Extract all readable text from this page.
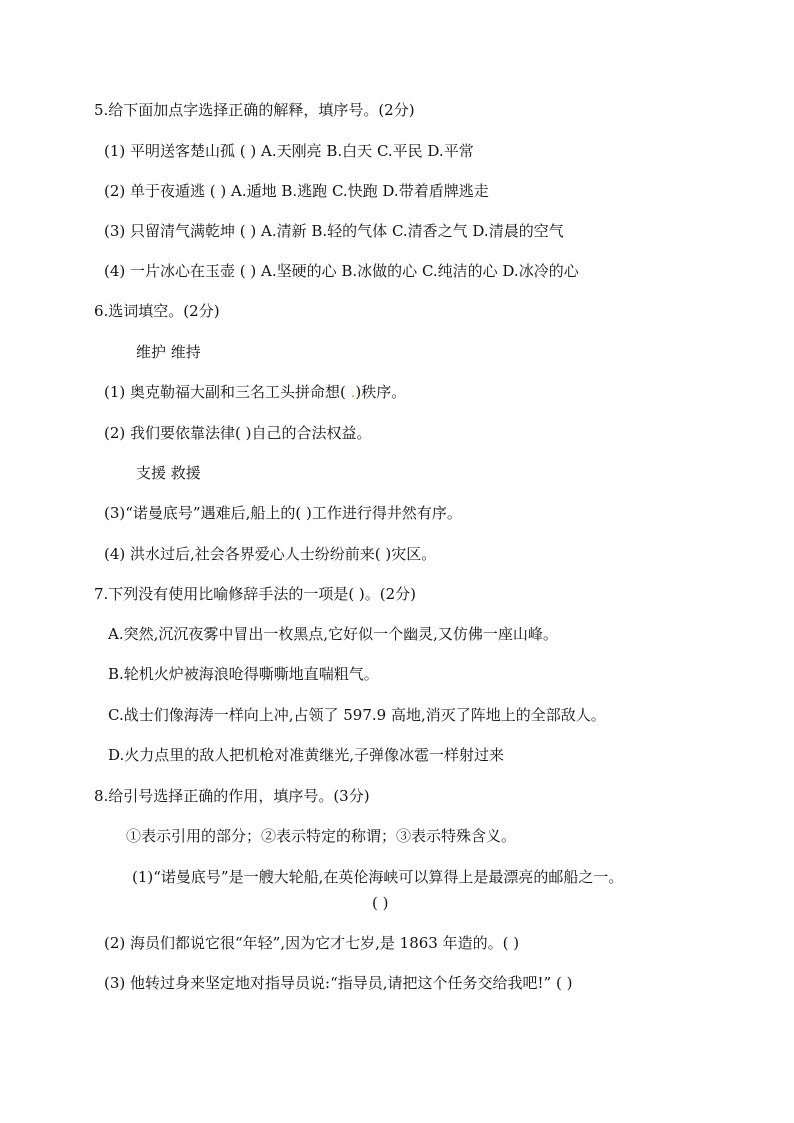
5.给下面加点字选择正确的解释，填序号。(2分)
(1) 平明送客楚山孤 ( ) A.天刚亮 B.白天 C.平民 D.平常
(2) 单于夜遁逃 ( ) A.遁地 B.逃跑 C.快跑 D.带着盾牌逃走
(3) 只留清气满乾坤 ( ) A.清新 B.轻的气体 C.清香之气 D.清晨的空气
(4) 一片冰心在玉壶 ( ) A.坚硬的心 B.冰做的心 C.纯洁的心 D.冰冷的心
6.选词填空。(2分)
维护 维持
(1) 奥克勒福大副和三名工头拼命想( .)秩序。
(2) 我们要依靠法律( )自己的合法权益。
支援 救援
(3)“诺曼底号”遇难后,船上的( )工作进行得井然有序。
(4) 洪水过后,社会各界爱心人士纷纷前来( )灾区。
7.下列没有使用比喻修辞手法的一项是( )。(2分)
A.突然,沉沉夜雾中冒出一枚黑点,它好似一个幽灵,又仿佛一座山峰。
B.轮机火炉被海浪呛得嘶嘶地直喘粗气。
C.战士们像海涛一样向上冲,占领了 597.9 高地,消灭了阵地上的全部敌人。
D.火力点里的敌人把机枪对准黄继光,子弹像冰雹一样射过来
8.给引号选择正确的作用，填序号。(3分)
①表示引用的部分；②表示特定的称谓；③表示特殊含义。
(1)“诺曼底号”是一艘大轮船,在英伦海峡可以算得上是最漂亮的邮船之一。
( )
(2) 海员们都说它很“年轻”,因为它才七岁,是 1863 年造的。( )
(3) 他转过身来坚定地对指导员说:“指导员,请把这个任务交给我吧!” ( )
